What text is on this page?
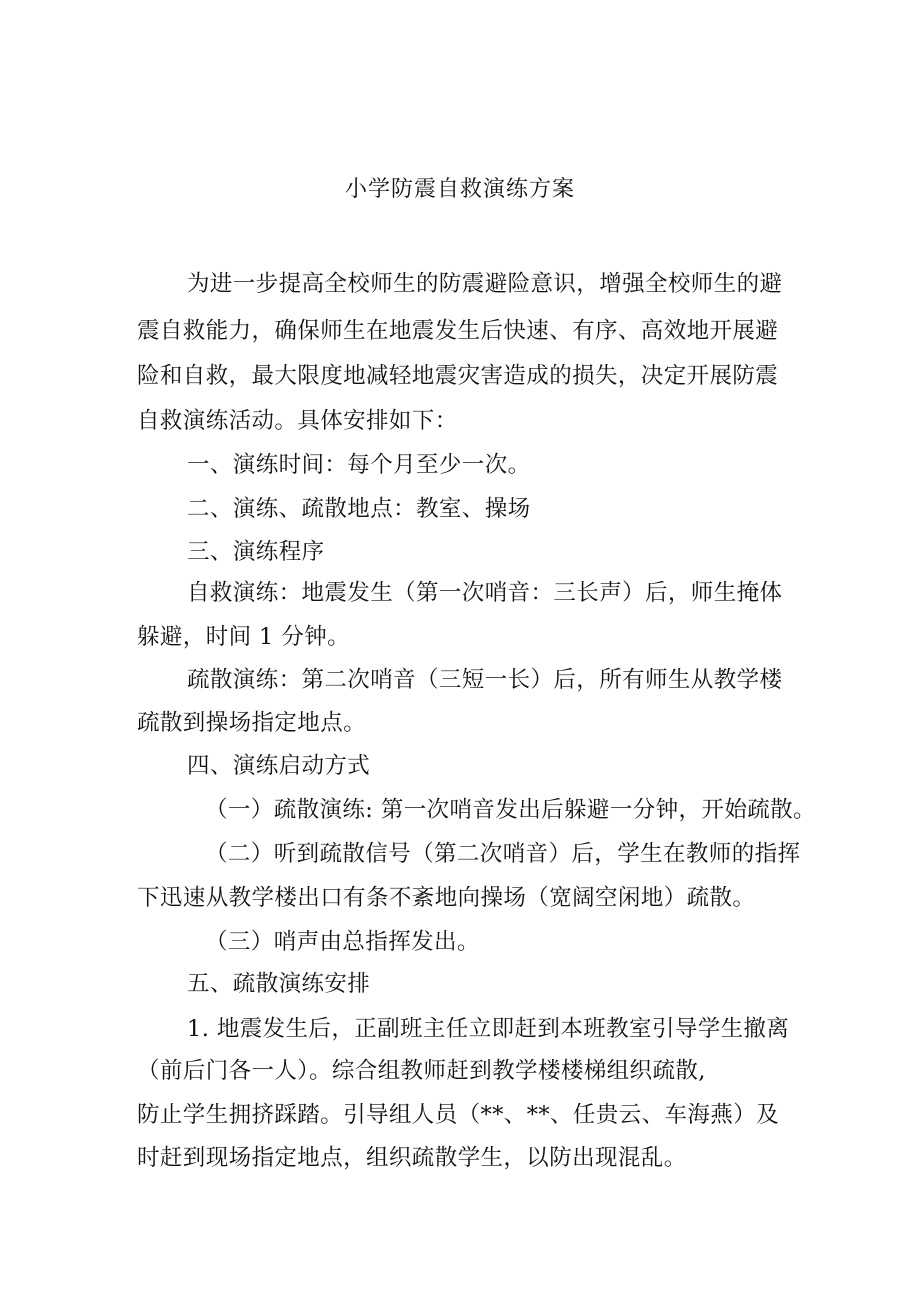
小学防震自救演练方案
为进一步提高全校师生的防震避险意识，增强全校师生的避
震自救能力，确保师生在地震发生后快速、有序、高效地开展避
险和自救，最大限度地减轻地震灾害造成的损失，决定开展防震
自救演练活动。具体安排如下：
一、演练时间：每个月至少一次。
二、演练、疏散地点：教室、操场
三、演练程序
自救演练：地震发生（第一次哨音：三长声）后，师生掩体
躲避，时间 1 分钟。
疏散演练：第二次哨音（三短一长）后，所有师生从教学楼
疏散到操场指定地点。
四、演练启动方式
（一）疏散演练: 第一次哨音发出后躲避一分钟，开始疏散。
（二）听到疏散信号（第二次哨音）后，学生在教师的指挥
下迅速从教学楼出口有条不紊地向操场（宽阔空闲地）疏散。
（三）哨声由总指挥发出。
五、疏散演练安排
1. 地震发生后，正副班主任立即赶到本班教室引导学生撤离
（前后门各一人）。综合组教师赶到教学楼楼梯组织疏散,
防止学生拥挤踩踏。引导组人员（**、**、任贵云、车海燕）及
时赶到现场指定地点，组织疏散学生，以防出现混乱。
